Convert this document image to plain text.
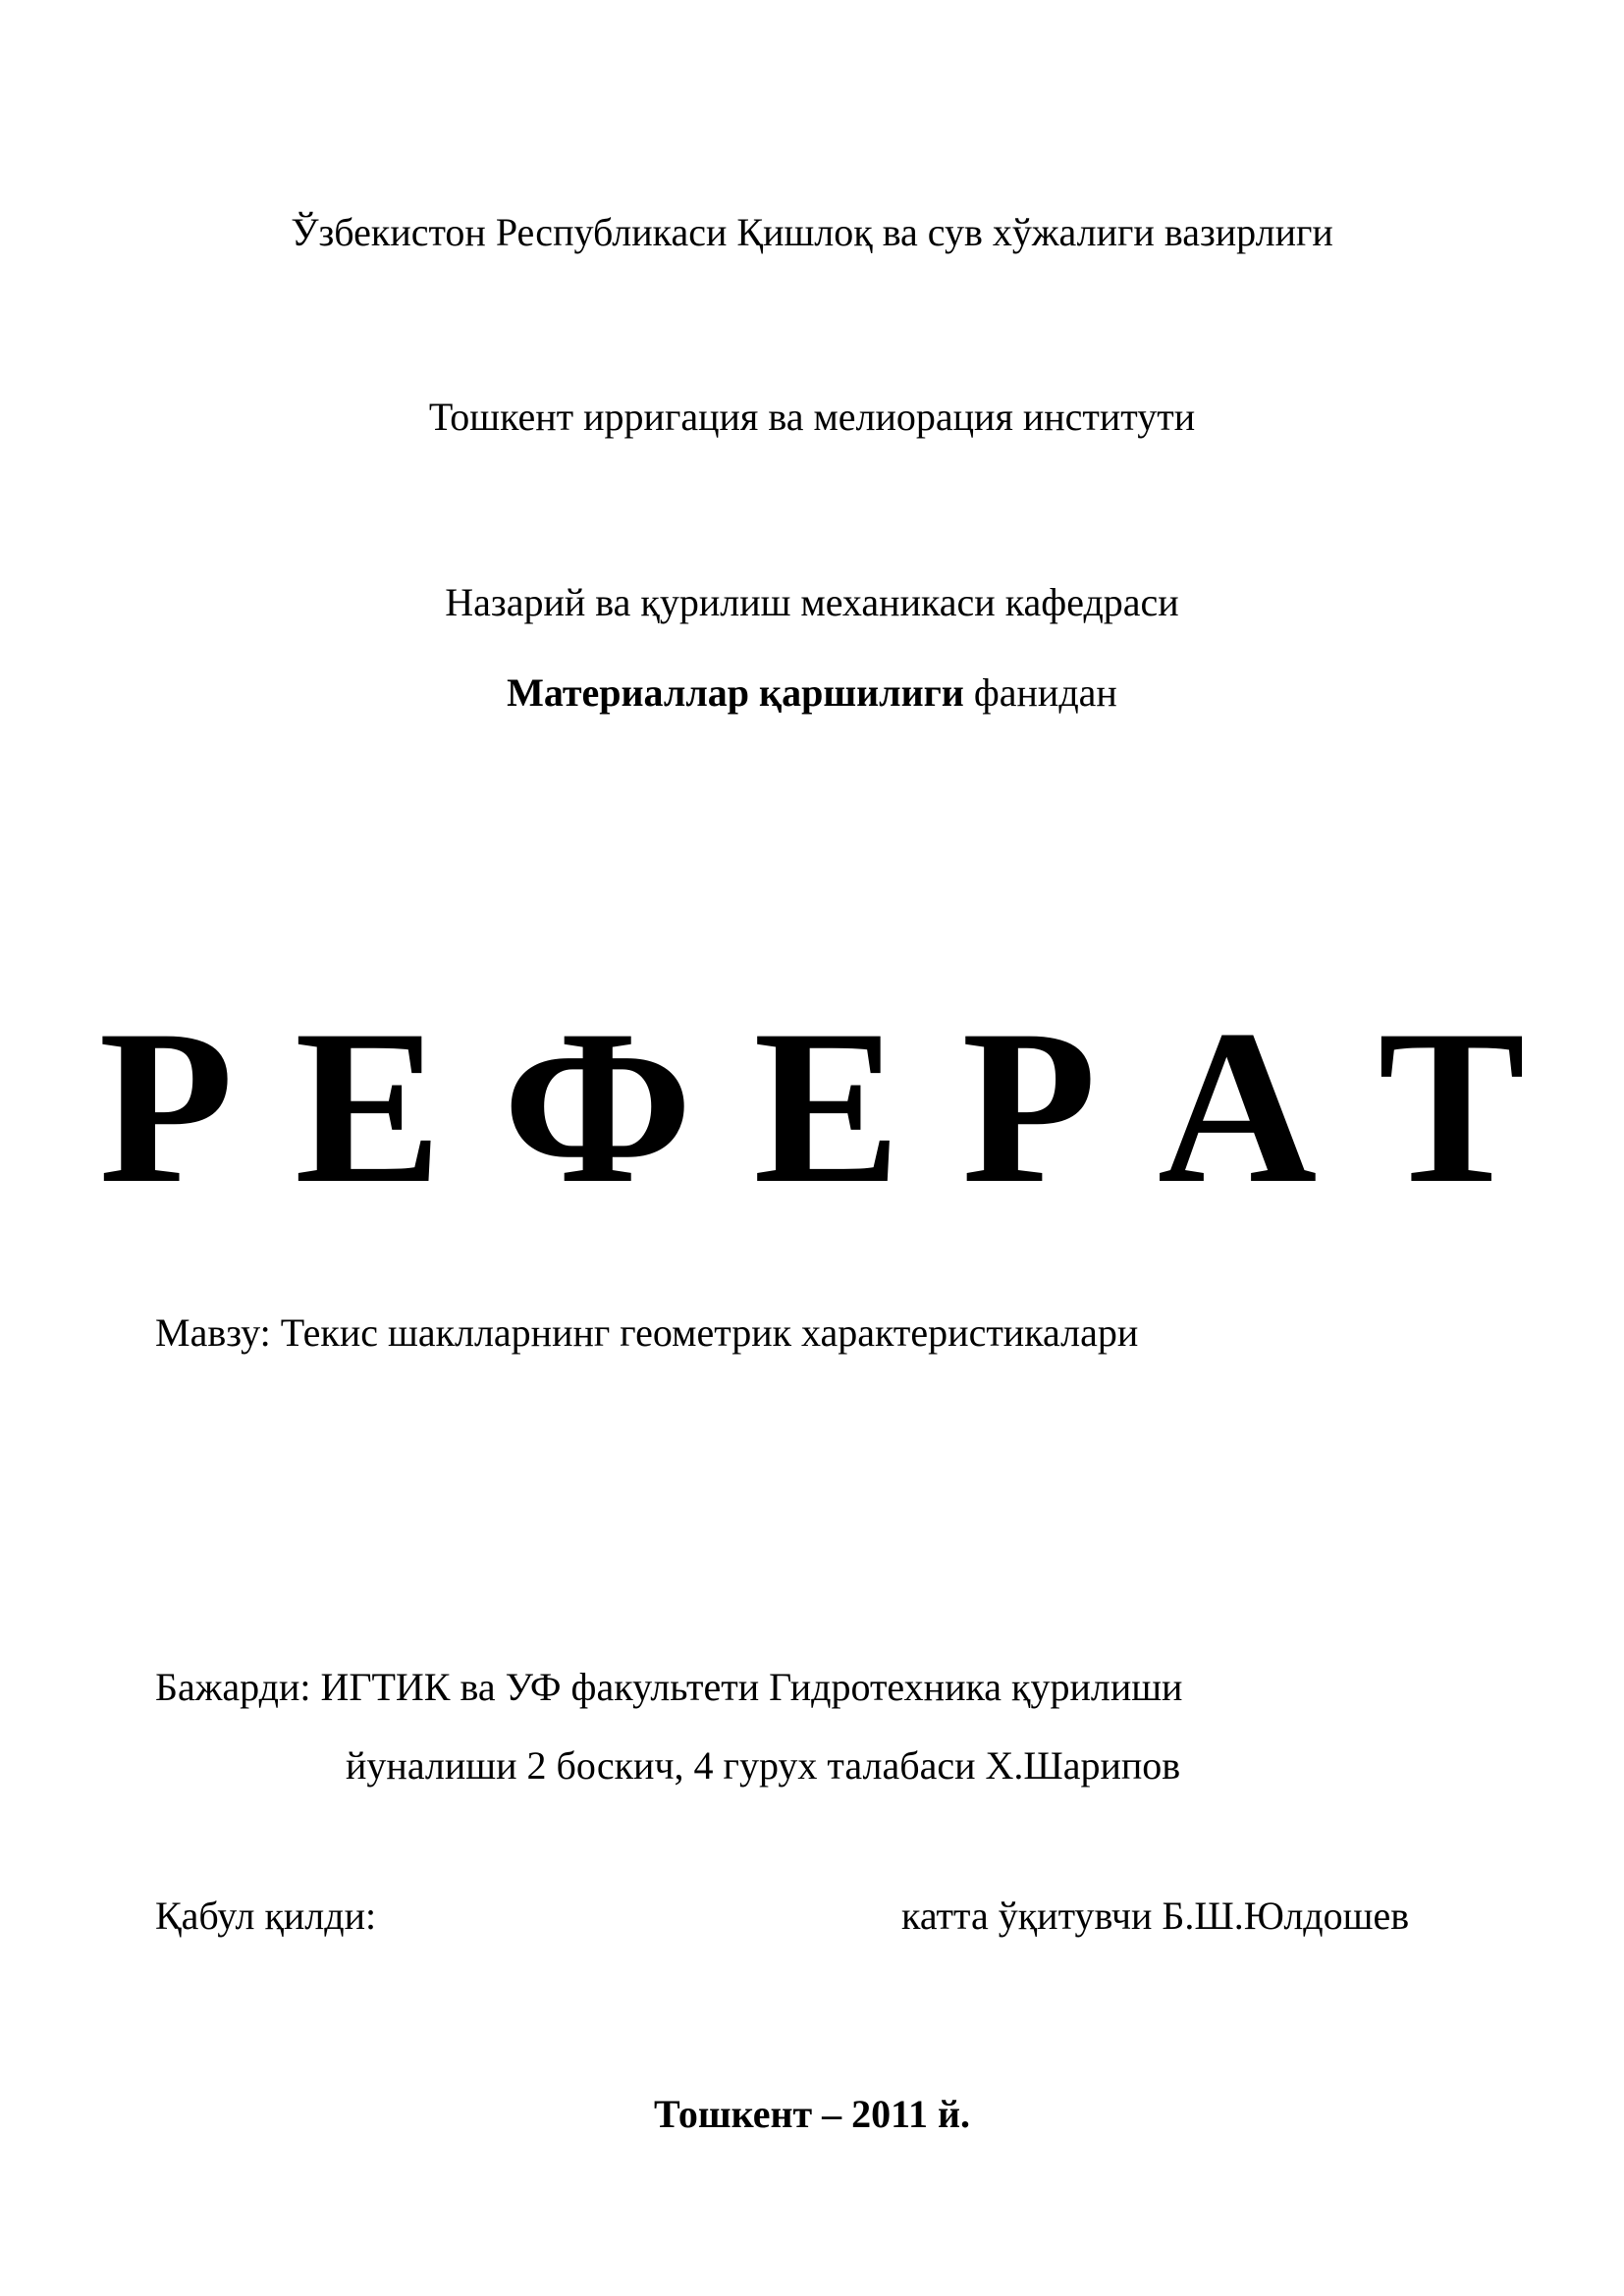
Ўзбекистон Республикаси Қишлоқ ва сув хўжалиги вазирлиги
Тошкент ирригация ва мелиорация институти
Назарий ва қурилиш механикаси кафедраси
Материаллар қаршилиги фанидан
Р Е Ф Е Р А Т
Мавзу: Текис шаклларнинг геометрик характеристикалари
Бажарди: ИГТИК ва УФ факультети Гидротехника қурилиши
йуналиши 2 боскич, 4 гурух талабаси Х.Шарипов
Қабул қилди:	катта ўқитувчи Б.Ш.Юлдошев
Тошкент – 2011 й.
